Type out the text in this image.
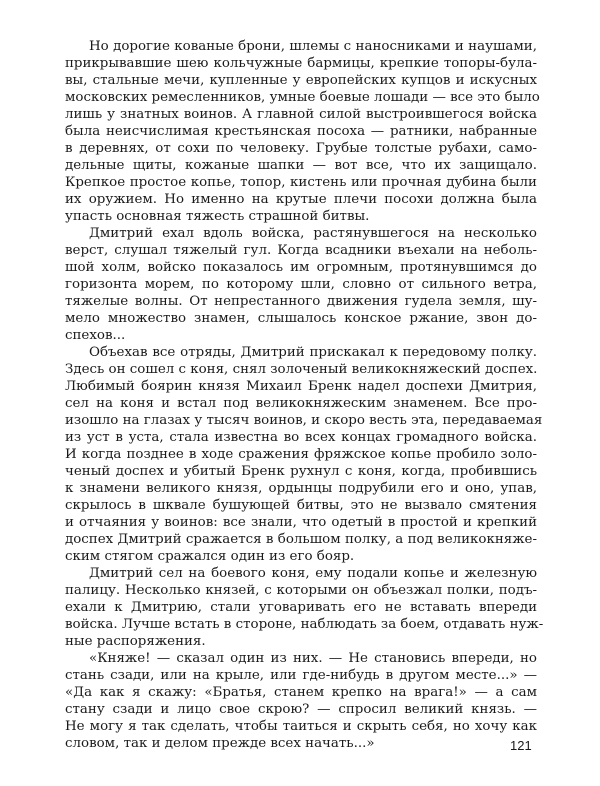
Но дорогие кованые брони, шлемы с наносниками и наушами,
прикрывавшие шею кольчужные бармицы, крепкие топоры-була-
вы, стальные мечи, купленные у европейских купцов и искусных
московских ремесленников, умные боевые лошади — все это было
лишь у знатных воинов. А главной силой выстроившегося войска
была неисчислимая крестьянская посоха — ратники, набранные
в деревнях, от сохи по человеку. Грубые толстые рубахи, само-
дельные щиты, кожаные шапки — вот все, что их защищало.
Крепкое простое копье, топор, кистень или прочная дубина были
их оружием. Но именно на крутые плечи посохи должна была
упасть основная тяжесть страшной битвы.
Дмитрий ехал вдоль войска, растянувшегося на несколько
верст, слушал тяжелый гул. Когда всадники въехали на неболь-
шой холм, войско показалось им огромным, протянувшимся до
горизонта морем, по которому шли, словно от сильного ветра,
тяжелые волны. От непрестанного движения гудела земля, шу-
мело множество знамен, слышалось конское ржание, звон до-
спехов...
Объехав все отряды, Дмитрий прискакал к передовому полку.
Здесь он сошел с коня, снял золоченый великокняжеский доспех.
Любимый боярин князя Михаил Бренк надел доспехи Дмитрия,
сел на коня и встал под великокняжеским знаменем. Все про-
изошло на глазах у тысяч воинов, и скоро весть эта, передаваемая
из уст в уста, стала известна во всех концах громадного войска.
И когда позднее в ходе сражения фряжское копье пробило золо-
ченый доспех и убитый Бренк рухнул с коня, когда, пробившись
к знамени великого князя, ордынцы подрубили его и оно, упав,
скрылось в шквале бушующей битвы, это не вызвало смятения
и отчаяния у воинов: все знали, что одетый в простой и крепкий
доспех Дмитрий сражается в большом полку, а под великокняже-
ским стягом сражался один из его бояр.
Дмитрий сел на боевого коня, ему подали копье и железную
палицу. Несколько князей, с которыми он объезжал полки, подъ-
ехали к Дмитрию, стали уговаривать его не вставать впереди
войска. Лучше встать в стороне, наблюдать за боем, отдавать нуж-
ные распоряжения.
«Княже! — сказал один из них. — Не становись впереди, но
стань сзади, или на крыле, или где-нибудь в другом месте...» —
«Да как я скажу: «Братья, станем крепко на врага!» — а сам
стану сзади и лицо свое скрою? — спросил великий князь. —
Не могу я так сделать, чтобы таиться и скрыть себя, но хочу как
словом, так и делом прежде всех начать...»	121
